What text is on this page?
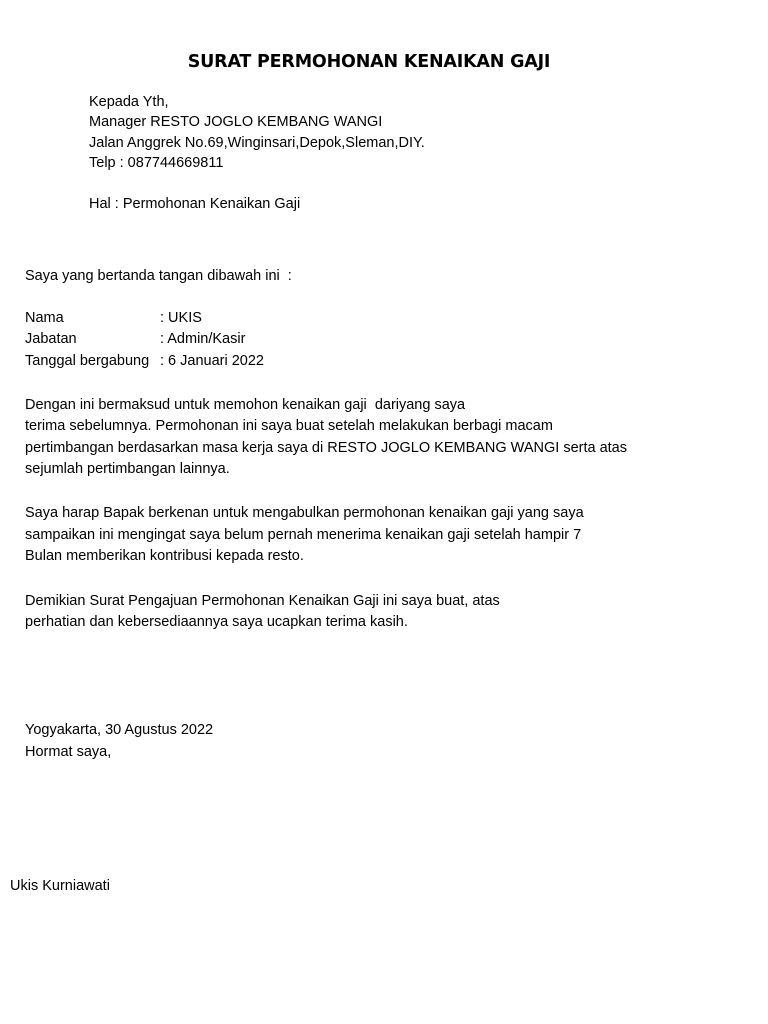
SURAT PERMOHONAN KENAIKAN GAJI
Kepada Yth,
Manager RESTO JOGLO KEMBANG WANGI
Jalan Anggrek No.69,Winginsari,Depok,Sleman,DIY.
Telp : 087744669811
Hal : Permohonan Kenaikan Gaji
Saya yang bertanda tangan dibawah ini  :
Nama	: UKIS
Jabatan	: Admin/Kasir
Tanggal bergabung : 6 Januari 2022
Dengan ini bermaksud untuk memohon kenaikan gaji  dariyang saya
terima sebelumnya. Permohonan ini saya buat setelah melakukan berbagi macam
pertimbangan berdasarkan masa kerja saya di RESTO JOGLO KEMBANG WANGI serta atas
sejumlah pertimbangan lainnya.
Saya harap Bapak berkenan untuk mengabulkan permohonan kenaikan gaji yang saya
sampaikan ini mengingat saya belum pernah menerima kenaikan gaji setelah hampir 7
Bulan memberikan kontribusi kepada resto.
Demikian Surat Pengajuan Permohonan Kenaikan Gaji ini saya buat, atas
perhatian dan kebersediaannya saya ucapkan terima kasih.
Yogyakarta, 30 Agustus 2022
Hormat saya,
Ukis Kurniawati
